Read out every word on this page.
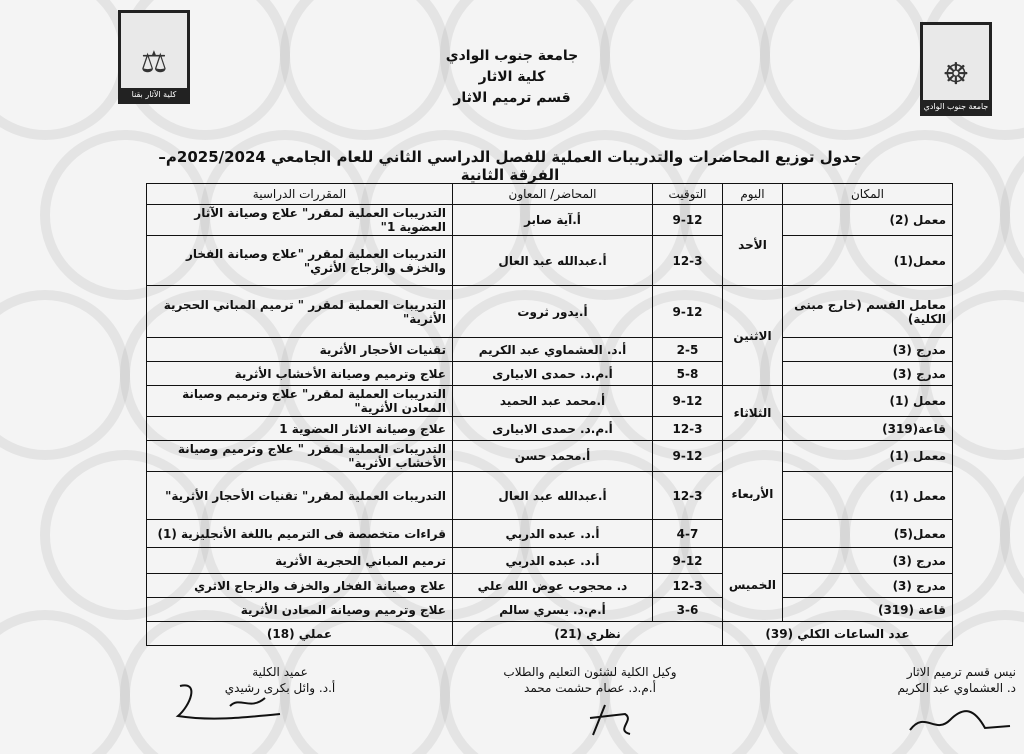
⚖
كلية الآثار بقنا
☸
جامعة جنوب الوادي
جامعة جنوب الوادي
كلية الاثار
قسم ترميم الاثار
جدول توزيع المحاضرات والتدريبات العملية للفصل الدراسي الثاني للعام الجامعي 2025/2024م– الفرقة الثانية
المكان	اليوم	التوقيت	المحاضر/ المعاون	المقررات الدراسية
معمل (2)	الأحد	9-12	أ.آية صابر	التدريبات العملية لمقرر" علاج وصيانة الآثار العضوية 1"
معمل(1)		12-3	أ.عبدالله عبد العال	التدريبات العملية لمقرر "علاج وصيانة الفخار والخزف والزجاج الأثري"
معامل القسم (خارج مبنى الكلية)	الاثنين	9-12	أ.يدور ثروت	التدريبات العملية لمقرر " ترميم المباني الحجرية الأثرية"
مدرج (3)		2-5	أ.د. العشماوي عبد الكريم	تقنيات الأحجار الأثرية
مدرج (3)		5-8	أ.م.د. حمدى الابيارى	علاج وترميم وصيانة الأخشاب الأثرية
معمل (1)	الثلاثاء	9-12	أ.محمد عبد الحميد	التدريبات العملية لمقرر" علاج وترميم وصيانة المعادن الأثرية"
قاعة(319)		12-3	أ.م.د. حمدى الابيارى	علاج وصيانة الاثار العضوية 1
معمل (1)	الأربعاء	9-12	أ.محمد حسن	التدريبات العملية لمقرر " علاج وترميم وصيانة الأخشاب الأثرية"
معمل (1)		12-3	أ.عبدالله عبد العال	التدريبات العملية لمقرر" تقنيات الأحجار الأثرية"
معمل(5)		4-7	أ.د. عبده الدربي	قراءات متخصصة فى الترميم باللغة الأنجليزية (1)
مدرج (3)	الخميس	9-12	أ.د. عبده الدربي	ترميم المباني الحجرية الأثرية
مدرج (3)		12-3	د. محجوب عوض الله علي	علاج وصيانة الفخار والخزف والزجاج الاثري
قاعة (319)		3-6	أ.م.د. يسري سالم	علاج وترميم وصيانة المعادن الأثرية
عدد الساعات الكلي (39)		نظري (21)		عملي (18)
نيس قسم ترميم الاثار
د. العشماوي عبد الكريم
وكيل الكلية لشئون التعليم والطلاب
أ.م.د. عصام حشمت محمد
عميد الكلية
أ.د. وائل بكرى رشيدي
